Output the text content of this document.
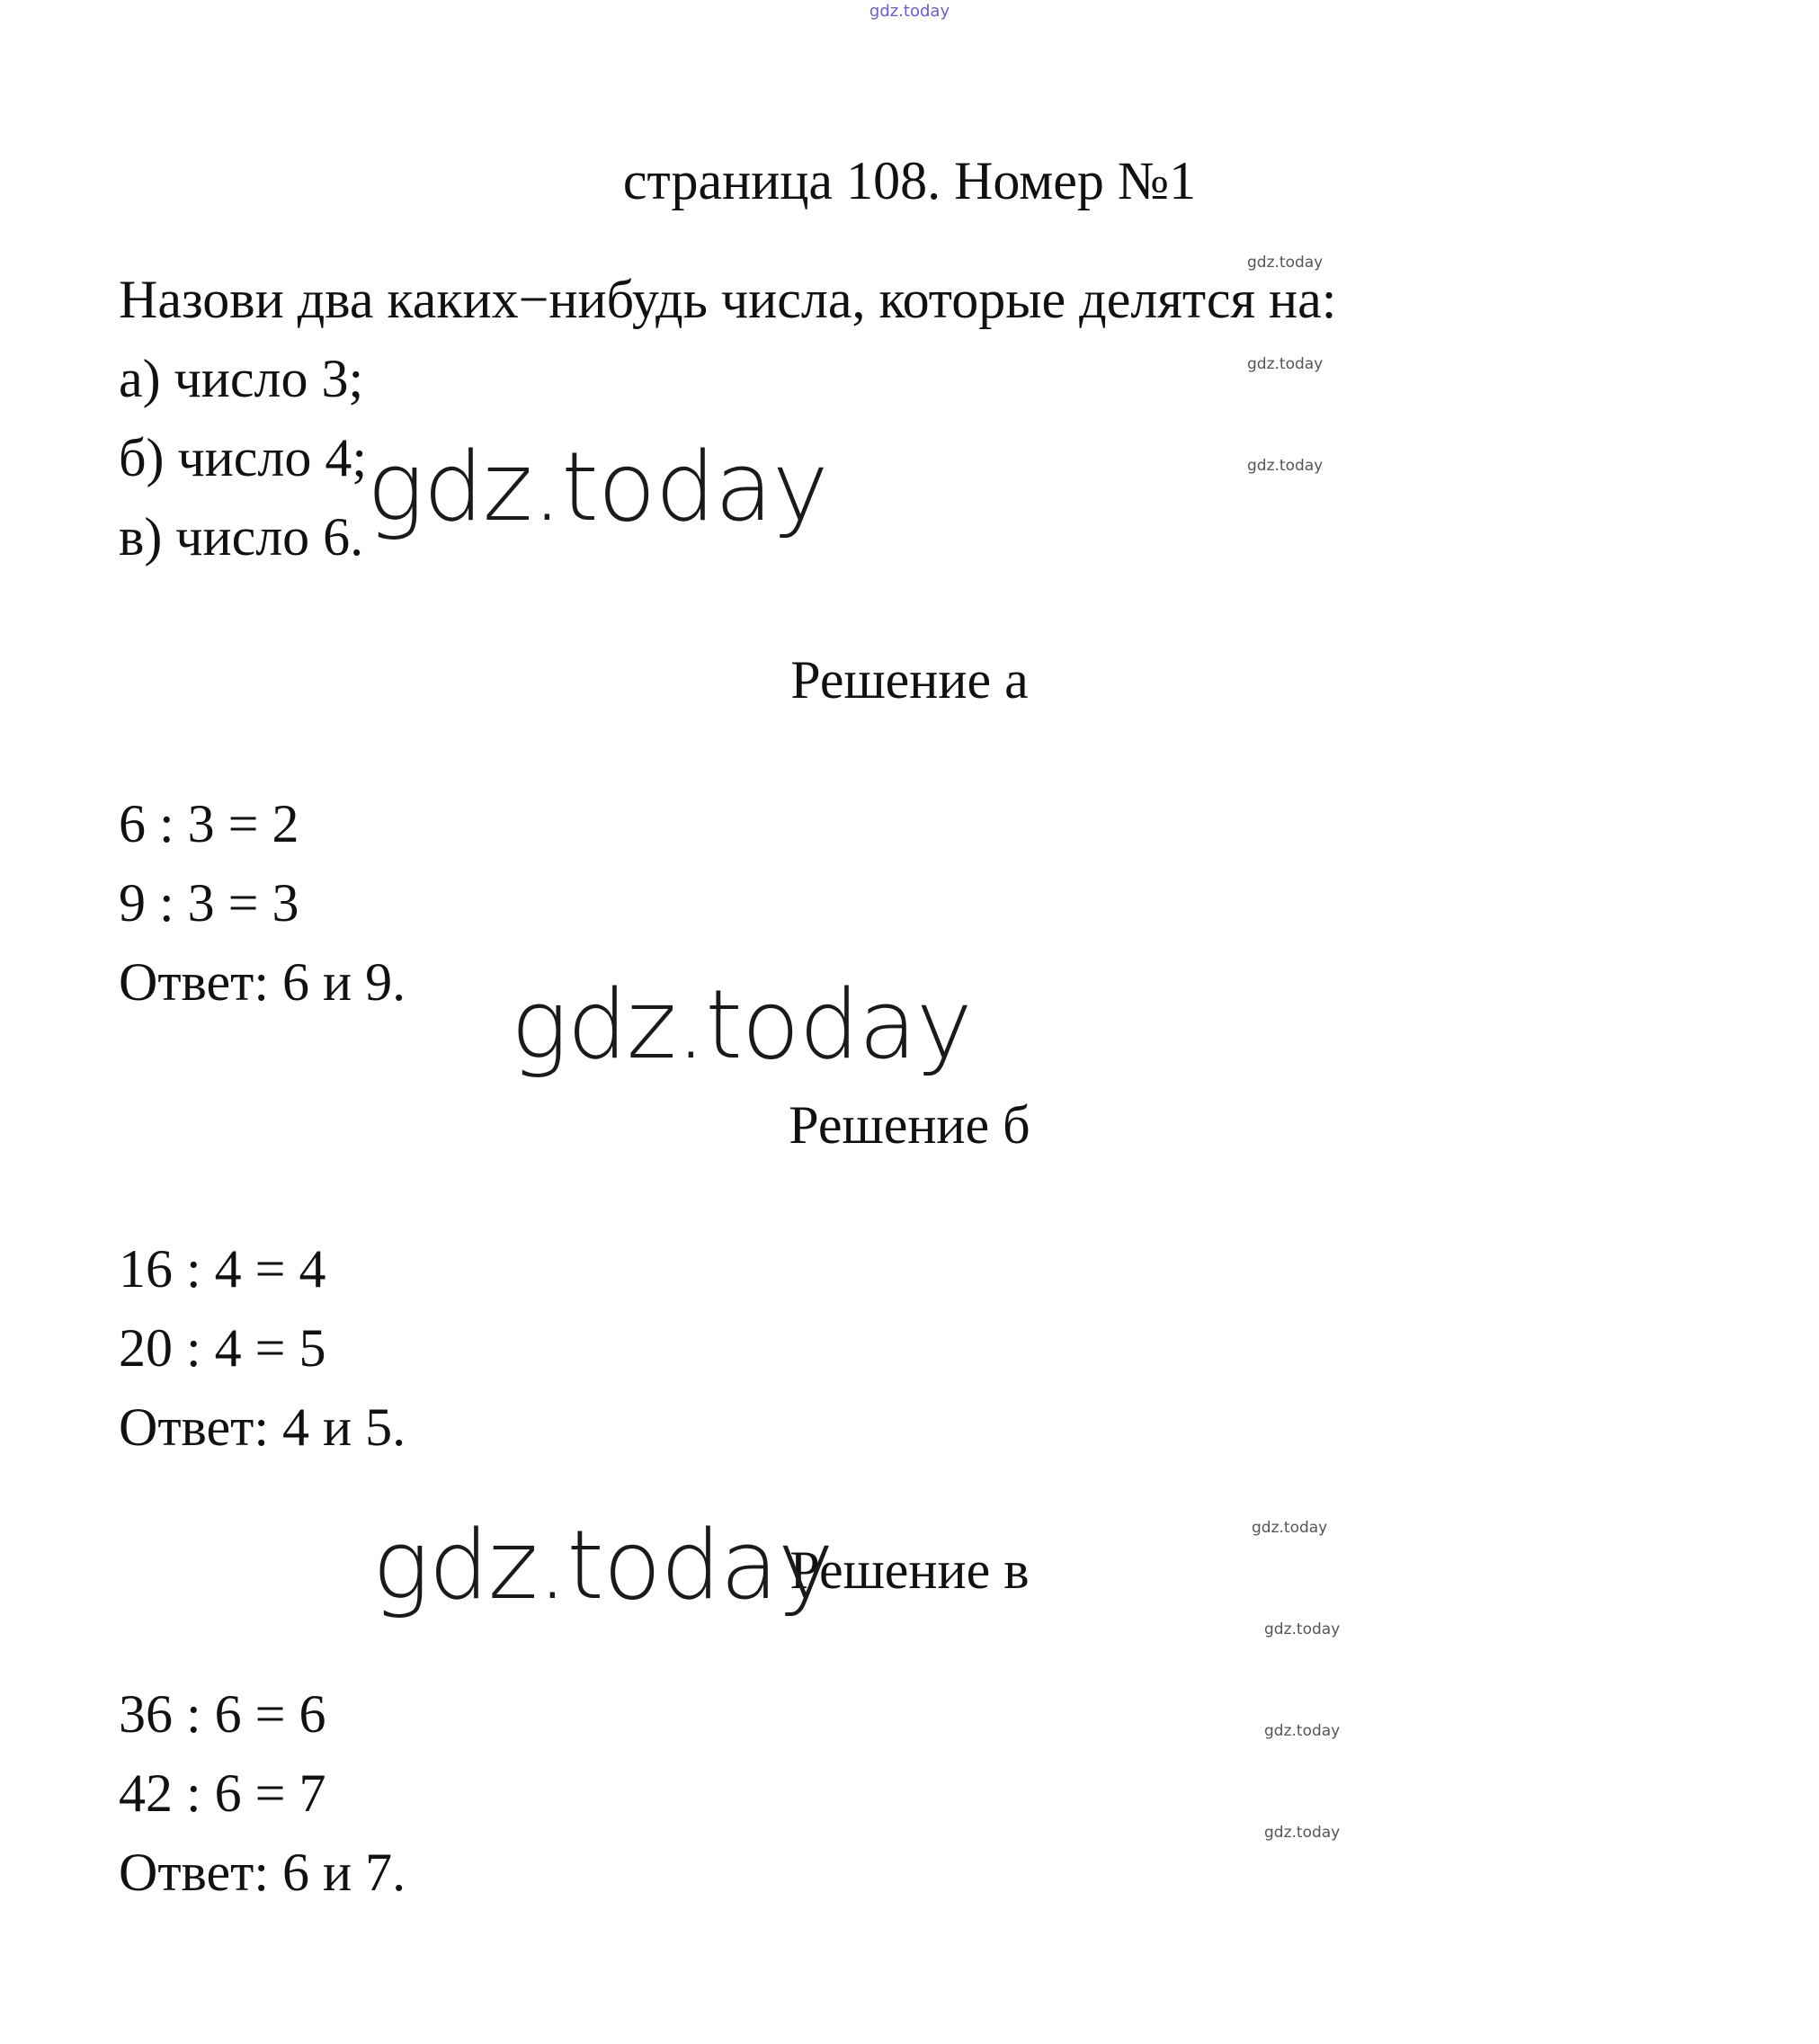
gdz.today
страница 108. Номер №1
Назови два каких−нибудь числа, которые делятся на:
а) число 3;
б) число 4;
в) число 6.
Решение а
6 : 3 = 2
9 : 3 = 3
Ответ: 6 и 9.
Решение б
16 : 4 = 4
20 : 4 = 5
Ответ: 4 и 5.
Решение в
36 : 6 = 6
42 : 6 = 7
Ответ: 6 и 7.
gdz.today
gdz.today
gdz.today
gdz.today
gdz.today
gdz.today
gdz.today
gdz.today
gdz.today
gdz.today
